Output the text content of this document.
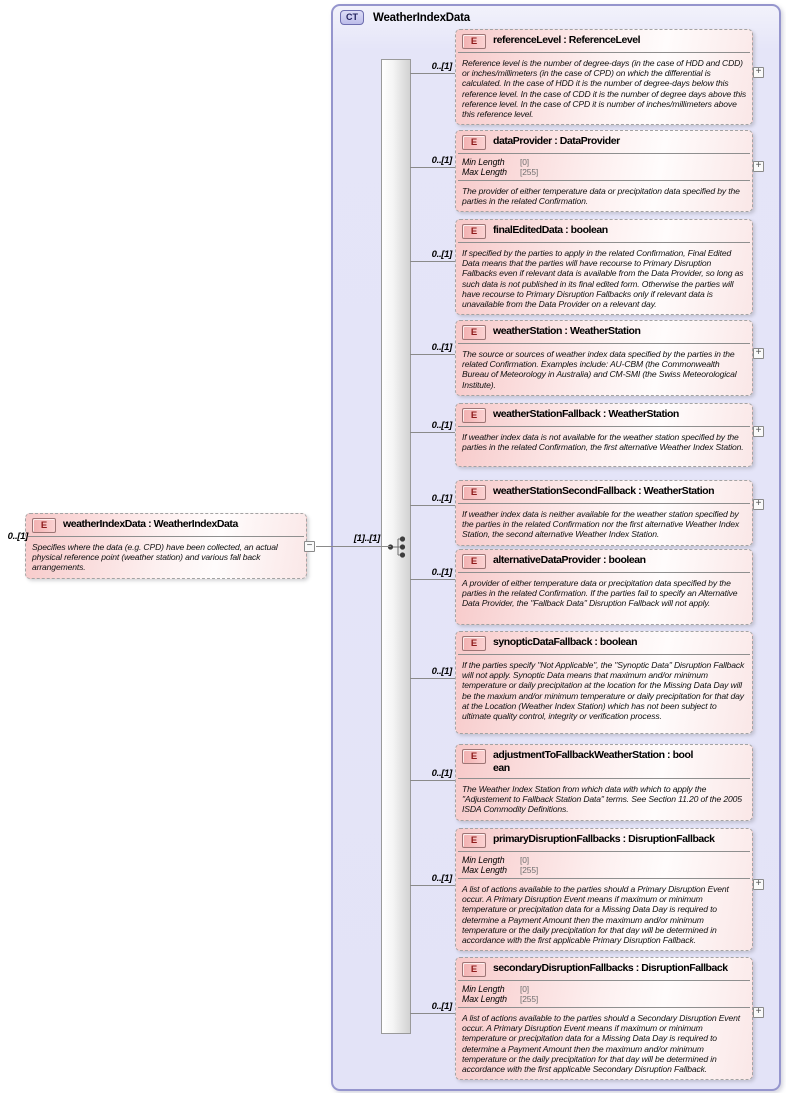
CT	WeatherIndexData
E	weatherIndexData : WeatherIndexData
Specifies where the data (e.g. CPD) have been collected, an actual physical reference point (weather station) and various fall back arrangements.
0..[1]
−
[1]..[1]
E	referenceLevel : ReferenceLevel
Reference level is the number of degree-days (in the case of HDD and CDD) or inches/millimeters (in the case of CPD) on which the differential is calculated. In the case of HDD it is the number of degree-days below this reference level. In the case of CDD it is the number of degree days above this reference level. In the case of CPD it is number of inches/millimeters above this reference level.
0..[1]	+
E	dataProvider : DataProvider
Min Length	[0]
Max Length	[255]
The provider of either temperature data or precipitation data specified by the parties in the related Confirmation.
0..[1]	+
E	finalEditedData : boolean
If specified by the parties to apply in the related Confirmation, Final Edited Data means that the parties will have recourse to Primary Disruption Fallbacks even if relevant data is available from the Data Provider, so long as such data is not published in its final edited form. Otherwise the parties will have recourse to Primary Disruption Fallbacks only if relevant data is unavailable from the Data Provider on a relevant day.
0..[1]
E	weatherStation : WeatherStation
The source or sources of weather index data specified by the parties in the related Confirmation. Examples include: AU-CBM (the Commonwealth Bureau of Meteorology in Australia) and CM-SMI (the Swiss Meteorological Institute).
0..[1]	+
E	weatherStationFallback : WeatherStation
If weather index data is not available for the weather station specified by the parties in the related Confirmation, the first alternative Weather Index Station.
0..[1]	+
E	weatherStationSecondFallback : WeatherStation
If weather index data is neither available for the weather station specified by the parties in the related Confirmation nor the first alternative Weather Index Station, the second alternative Weather Index Station.
0..[1]	+
E	alternativeDataProvider : boolean
A provider of either temperature data or precipitation data specified by the parties in the related Confirmation. If the parties fail to specify an Alternative Data Provider, the "Fallback Data" Disruption Fallback will not apply.
0..[1]
E	synopticDataFallback : boolean
If the parties specify "Not Applicable", the "Synoptic Data" Disruption Fallback will not apply. Synoptic Data means that maximum and/or minimum temperature or daily precipitation at the location for the Missing Data Day will be the maxium and/or minimum temperature or daily precipitation for that day at the Location (Weather Index Station) which has not been subject to ultimate quality control, integrity or verification process.
0..[1]
E	adjustmentToFallbackWeatherStation : boolean
The Weather Index Station from which data with which to apply the "Adjustement to Fallback Station Data" terms. See Section 11.20 of the 2005 ISDA Commodity Definitions.
0..[1]
E	primaryDisruptionFallbacks : DisruptionFallback
Min Length	[0]
Max Length	[255]
A list of actions available to the parties should a Primary Disruption Event occur. A Primary Disruption Event means if maximum or minimum temperature or precipitation data for a Missing Data Day is required to determine a Payment Amount then the maximum and/or minimum temperature or the daily precipitation for that day will be determined in accordance with the first applicable Primary Disruption Fallback.
0..[1]	+
E	secondaryDisruptionFallbacks : DisruptionFallback
Min Length	[0]
Max Length	[255]
A list of actions available to the parties should a Secondary Disruption Event occur. A Primary Disruption Event means if maximum or minimum temperature or precipitation data for a Missing Data Day is required to determine a Payment Amount then the maximum and/or minimum temperature or the daily precipitation for that day will be determined in accordance with the first applicable Secondary Disruption Fallback.
0..[1]	+
